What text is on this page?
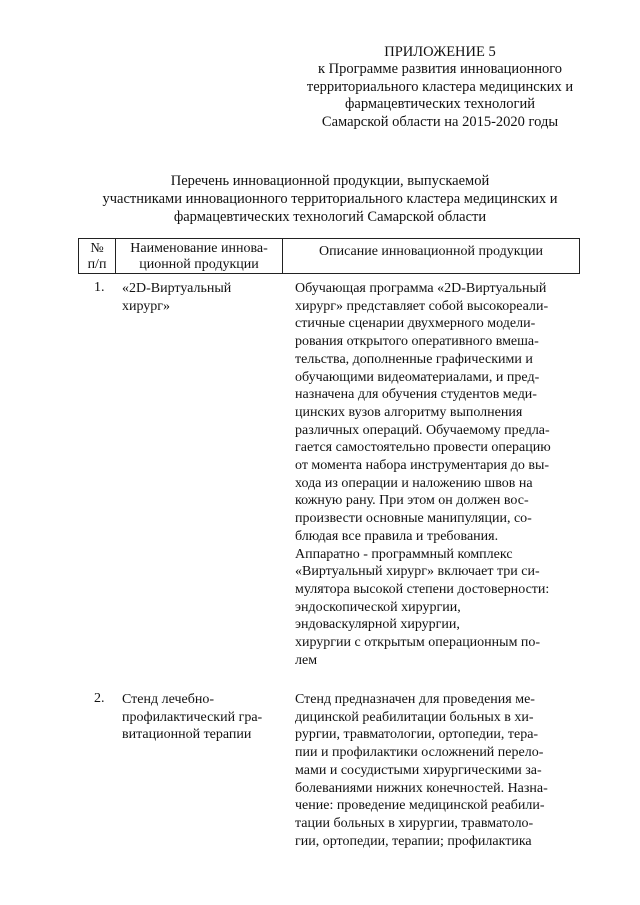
ПРИЛОЖЕНИЕ 5
к Программе развития инновационного
территориального кластера медицинских и
фармацевтических технологий
Самарской области на 2015-2020 годы
Перечень инновационной продукции, выпускаемой
участниками инновационного территориального кластера медицинских и
фармацевтических технологий Самарской области
№
п/п
Наименование иннова-
ционной продукции
Описание инновационной продукции
1. «2D-Виртуальный
хирург»
Обучающая программа «2D-Виртуальный
хирург» представляет собой высокореали-
стичные сценарии двухмерного модели-
рования открытого оперативного вмеша-
тельства, дополненные графическими и
обучающими видеоматериалами, и пред-
назначена для обучения студентов меди-
цинских вузов алгоритму выполнения
различных операций. Обучаемому предла-
гается самостоятельно провести операцию
от момента набора инструментария до вы-
хода из операции и наложению швов на
кожную рану. При этом он должен вос-
произвести основные манипуляции, со-
блюдая все правила и требования.
Аппаратно - программный комплекс
«Виртуальный хирург» включает три си-
мулятора высокой степени достоверности:
эндоскопической хирургии,
эндоваскулярной хирургии,
хирургии с открытым операционным по-
лем
2. Стенд лечебно-
профилактический гра-
витационной терапии
Стенд предназначен для проведения ме-
дицинской реабилитации больных в хи-
рургии, травматологии, ортопедии, тера-
пии и профилактики осложнений перело-
мами и сосудистыми хирургическими за-
болеваниями нижних конечностей. Назна-
чение: проведение медицинской реабили-
тации больных в хирургии, травматоло-
гии, ортопедии, терапии; профилактика
